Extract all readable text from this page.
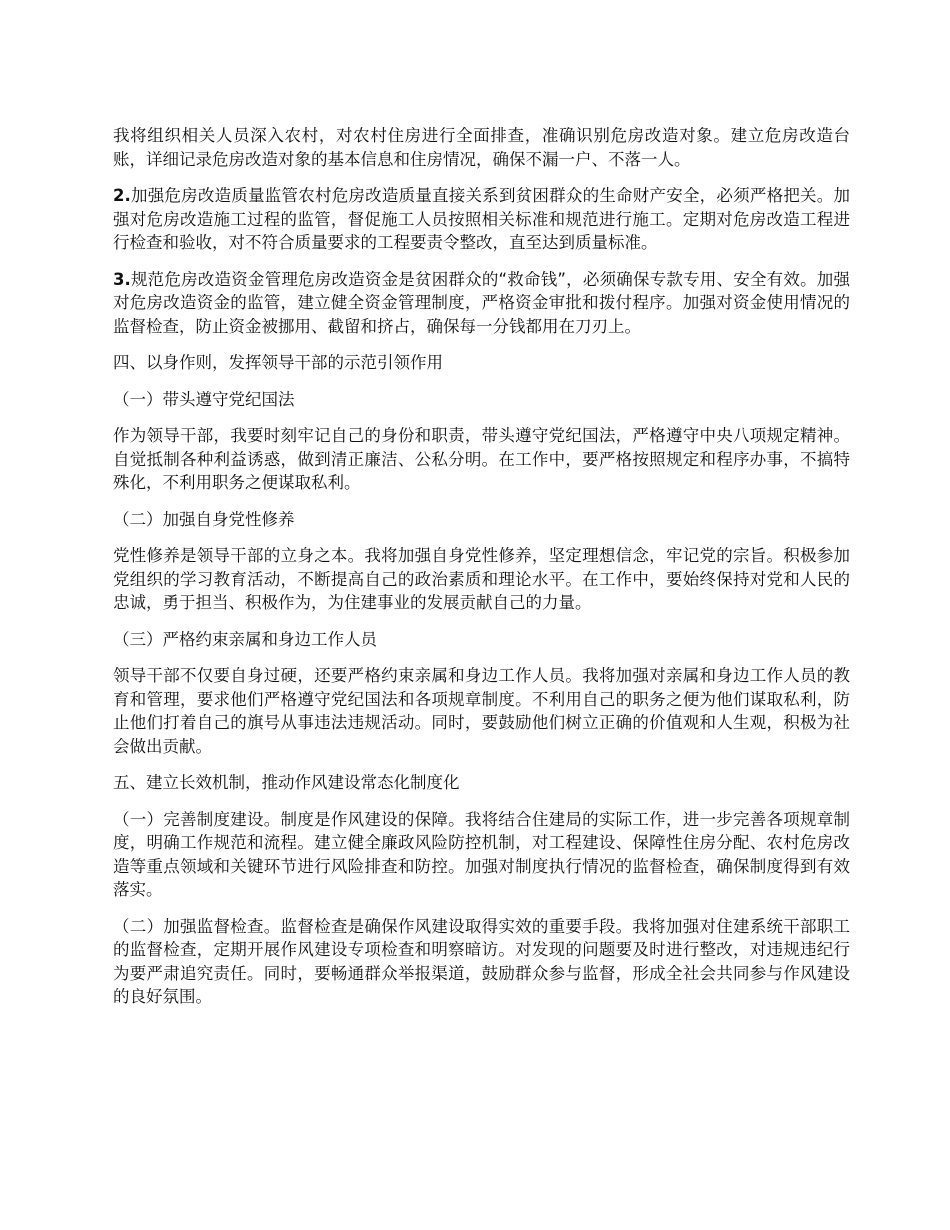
我将组织相关人员深入农村，对农村住房进行全面排查，准确识别危房改造对象。建立危房改造台账，详细记录危房改造对象的基本信息和住房情况，确保不漏一户、不落一人。

2.加强危房改造质量监管农村危房改造质量直接关系到贫困群众的生命财产安全，必须严格把关。加强对危房改造施工过程的监管，督促施工人员按照相关标准和规范进行施工。定期对危房改造工程进行检查和验收，对不符合质量要求的工程要责令整改，直至达到质量标准。

3.规范危房改造资金管理危房改造资金是贫困群众的“救命钱”，必须确保专款专用、安全有效。加强对危房改造资金的监管，建立健全资金管理制度，严格资金审批和拨付程序。加强对资金使用情况的监督检查，防止资金被挪用、截留和挤占，确保每一分钱都用在刀刃上。

四、以身作则，发挥领导干部的示范引领作用

（一）带头遵守党纪国法

作为领导干部，我要时刻牢记自己的身份和职责，带头遵守党纪国法，严格遵守中央八项规定精神。自觉抵制各种利益诱惑，做到清正廉洁、公私分明。在工作中，要严格按照规定和程序办事，不搞特殊化，不利用职务之便谋取私利。

（二）加强自身党性修养

党性修养是领导干部的立身之本。我将加强自身党性修养，坚定理想信念，牢记党的宗旨。积极参加党组织的学习教育活动，不断提高自己的政治素质和理论水平。在工作中，要始终保持对党和人民的忠诚，勇于担当、积极作为，为住建事业的发展贡献自己的力量。

（三）严格约束亲属和身边工作人员

领导干部不仅要自身过硬，还要严格约束亲属和身边工作人员。我将加强对亲属和身边工作人员的教育和管理，要求他们严格遵守党纪国法和各项规章制度。不利用自己的职务之便为他们谋取私利，防止他们打着自己的旗号从事违法违规活动。同时，要鼓励他们树立正确的价值观和人生观，积极为社会做出贡献。

五、建立长效机制，推动作风建设常态化制度化

（一）完善制度建设。制度是作风建设的保障。我将结合住建局的实际工作，进一步完善各项规章制度，明确工作规范和流程。建立健全廉政风险防控机制，对工程建设、保障性住房分配、农村危房改造等重点领域和关键环节进行风险排查和防控。加强对制度执行情况的监督检查，确保制度得到有效落实。

（二）加强监督检查。监督检查是确保作风建设取得实效的重要手段。我将加强对住建系统干部职工的监督检查，定期开展作风建设专项检查和明察暗访。对发现的问题要及时进行整改，对违规违纪行为要严肃追究责任。同时，要畅通群众举报渠道，鼓励群众参与监督，形成全社会共同参与作风建设的良好氛围。
